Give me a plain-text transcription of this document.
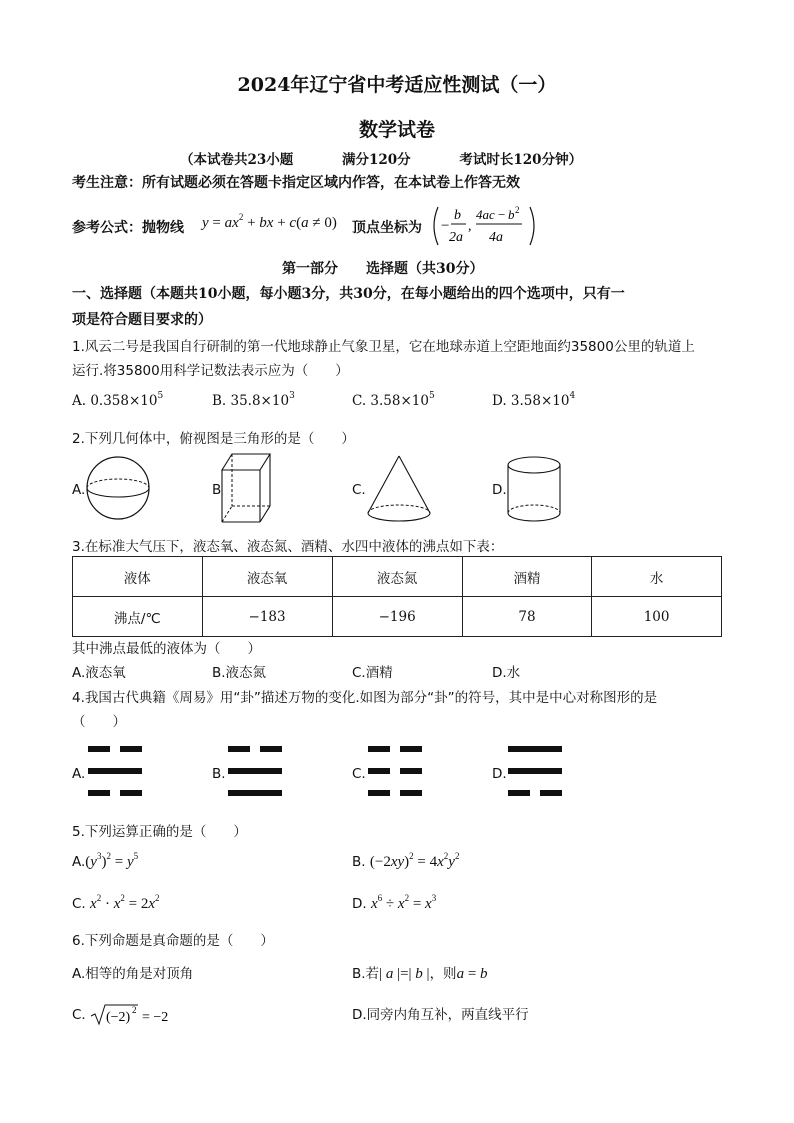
2024年辽宁省中考适应性测试（一）
数学试卷
（本试卷共23小题	满分120分	考试时长120分钟）
考生注意：所有试题必须在答题卡指定区域内作答，在本试卷上作答无效
参考公式：抛物线 $y = ax^2$ + bx + c(a ≠ 0) 顶点坐标为 −
b
2a
,
4ac − b 2
4a
第一部分　　选择题（共30分）
一、选择题（本题共10小题，每小题3分，共30分，在每小题给出的四个选项中，只有一
项是符合题目要求的）
1.风云二号是我国自行研制的第一代地球静止气象卫星，它在地球赤道上空距地面约35800公里的轨道上
运行.将35800用科学记数法表示应为（　　）
A. $0.358\times 10^5$	B. $35.8\times 10^3$	C. $3.58\times 10^5$	D. $3.58\times 10^4$
2.下列几何体中，俯视图是三角形的是（　　）
A.	B	C.	D.
3.在标准大气压下，液态氧、液态氮、酒精、水四中液体的沸点如下表：
液体	液态氧	液态氮	酒精	水
沸点/℃	−183	−196	78	100
其中沸点最低的液体为（　　）
A.液态氧	B.液态氮	C.酒精	D.水
4.我国古代典籍《周易》用“卦”描述万物的变化.如图为部分“卦”的符号，其中是中心对称图形的是
（　　）
A.	B.	C.	D.
5.下列运算正确的是（　　）
$A.(y^3)^2 = y^5$	B. $(-2xy)^2 = 4x^2y^2$
C. $x^2 \cdot x^2 = 2x^2$	D. $x^6 \div x^2 = x^3$
6.下列命题是真命题的是（　　）
A.相等的角是对顶角	B.若| a |=| b |，则a = b
C. (−2) 2 = −2	D.同旁内角互补，两直线平行
